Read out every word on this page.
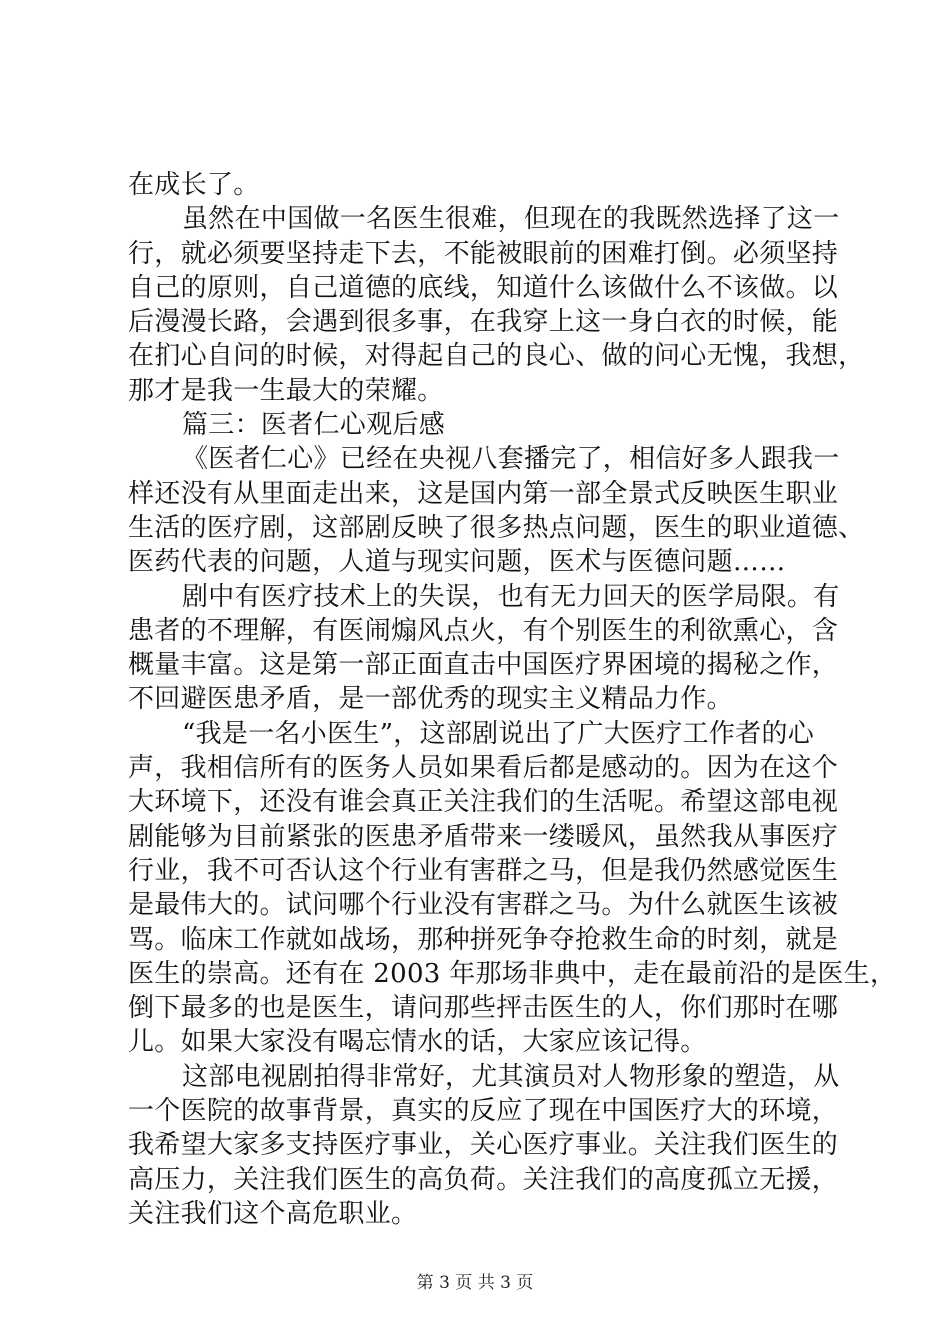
在成长了。
虽然在中国做一名医生很难，但现在的我既然选择了这一
行，就必须要坚持走下去，不能被眼前的困难打倒。必须坚持
自己的原则，自己道德的底线，知道什么该做什么不该做。以
后漫漫长路，会遇到很多事，在我穿上这一身白衣的时候，能
在扪心自问的时候，对得起自己的良心、做的问心无愧，我想，
那才是我一生最大的荣耀。
篇三：医者仁心观后感
《医者仁心》已经在央视八套播完了，相信好多人跟我一
样还没有从里面走出来，这是国内第一部全景式反映医生职业
生活的医疗剧，这部剧反映了很多热点问题，医生的职业道德、
医药代表的问题，人道与现实问题，医术与医德问题……
剧中有医疗技术上的失误，也有无力回天的医学局限。有
患者的不理解，有医闹煽风点火，有个别医生的利欲熏心，含
概量丰富。这是第一部正面直击中国医疗界困境的揭秘之作，
不回避医患矛盾，是一部优秀的现实主义精品力作。
“我是一名小医生”，这部剧说出了广大医疗工作者的心
声，我相信所有的医务人员如果看后都是感动的。因为在这个
大环境下，还没有谁会真正关注我们的生活呢。希望这部电视
剧能够为目前紧张的医患矛盾带来一缕暖风，虽然我从事医疗
行业，我不可否认这个行业有害群之马，但是我仍然感觉医生
是最伟大的。试问哪个行业没有害群之马。为什么就医生该被
骂。临床工作就如战场，那种拼死争夺抢救生命的时刻，就是
医生的崇高。还有在 2003 年那场非典中，走在最前沿的是医生，
倒下最多的也是医生，请问那些抨击医生的人，你们那时在哪
儿。如果大家没有喝忘情水的话，大家应该记得。
这部电视剧拍得非常好，尤其演员对人物形象的塑造，从
一个医院的故事背景，真实的反应了现在中国医疗大的环境，
我希望大家多支持医疗事业，关心医疗事业。关注我们医生的
高压力，关注我们医生的高负荷。关注我们的高度孤立无援，
关注我们这个高危职业。
第 3 页 共 3 页
